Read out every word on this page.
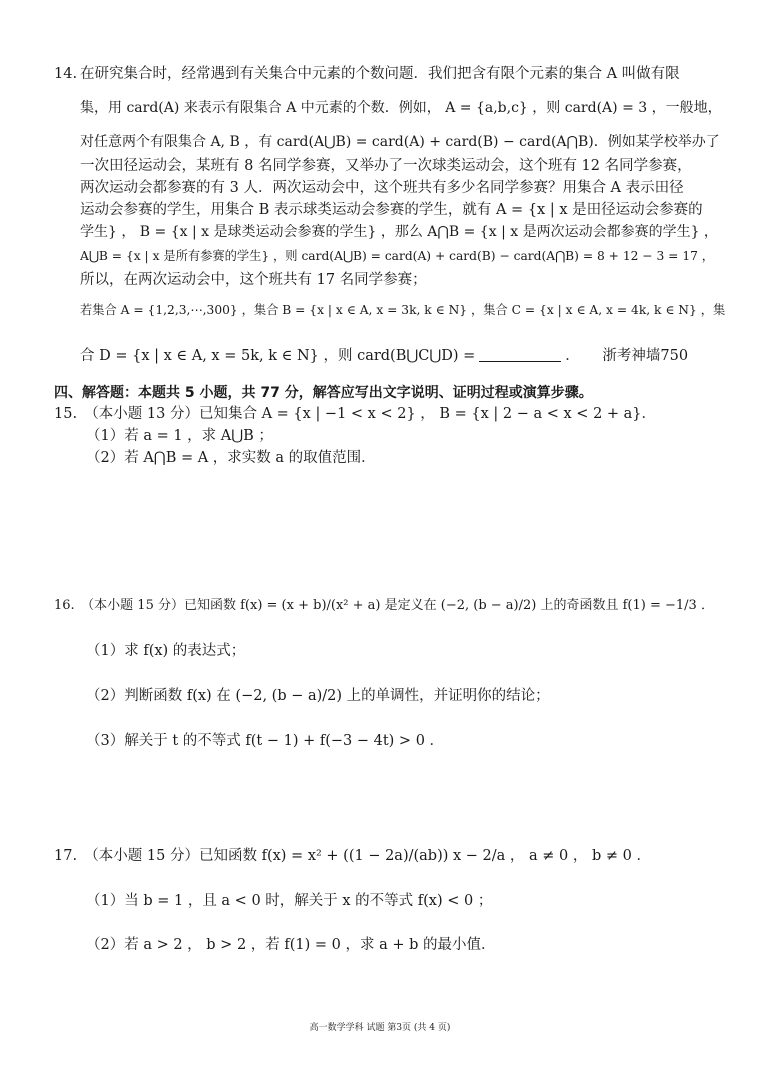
14. 在研究集合时，经常遇到有关集合中元素的个数问题．我们把含有限个元素的集合 A 叫做有限
集，用 card(A) 来表示有限集合 A 中元素的个数．例如， A = {a,b,c} ，则 card(A) = 3 ，一般地，
对任意两个有限集合 A, B ，有 card(A⋃B) = card(A) + card(B) − card(A⋂B)．例如某学校举办了
一次田径运动会，某班有 8 名同学参赛，又举办了一次球类运动会，这个班有 12 名同学参赛，
两次运动会都参赛的有 3 人．两次运动会中，这个班共有多少名同学参赛？用集合 A 表示田径
运动会参赛的学生，用集合 B 表示球类运动会参赛的学生，就有 A = {x | x 是田径运动会参赛的
学生} ， B = {x | x 是球类运动会参赛的学生} ，那么 A⋂B = {x | x 是两次运动会都参赛的学生} ，
A⋃B = {x | x 是所有参赛的学生} ，则 card(A⋃B) = card(A) + card(B) − card(A⋂B) = 8 + 12 − 3 = 17 ，
所以，在两次运动会中，这个班共有 17 名同学参赛；
若集合 A = {1,2,3,⋯,300} ，集合 B = {x | x ∈ A, x = 3k, k ∈ N} ，集合 C = {x | x ∈ A, x = 4k, k ∈ N} ，集
合 D = {x | x ∈ A, x = 5k, k ∈ N} ，则 card(B⋃C⋃D) =	． 浙考神墙750
四、解答题：本题共 5 小题，共 77 分，解答应写出文字说明、证明过程或演算步骤。
15.　（本小题 13 分）已知集合 A = {x | −1 < x < 2} ， B = {x | 2 − a < x < 2 + a}．
（1）若 a = 1 ，求 A⋃B ；
（2）若 A⋂B = A ，求实数 a 的取值范围．
16.　（本小题 15 分）已知函数 f(x) = (x + b)/(x² + a) 是定义在 (−2, (b − a)/2) 上的奇函数且 f(1) = −1/3 ．
（1）求 f(x) 的表达式；
（2）判断函数 f(x) 在 (−2, (b − a)/2) 上的单调性，并证明你的结论；
（3）解关于 t 的不等式 f(t − 1) + f(−3 − 4t) > 0 ．
17.　（本小题 15 分）已知函数 f(x) = x² + ((1 − 2a)/(ab)) x − 2/a ， a ≠ 0 ， b ≠ 0 ．
（1）当 b = 1 ，且 a < 0 时，解关于 x 的不等式 f(x) < 0 ；
（2）若 a > 2 ， b > 2 ，若 f(1) = 0 ，求 a + b 的最小值．
高一数学学科 试题 第3页 (共 4 页)
